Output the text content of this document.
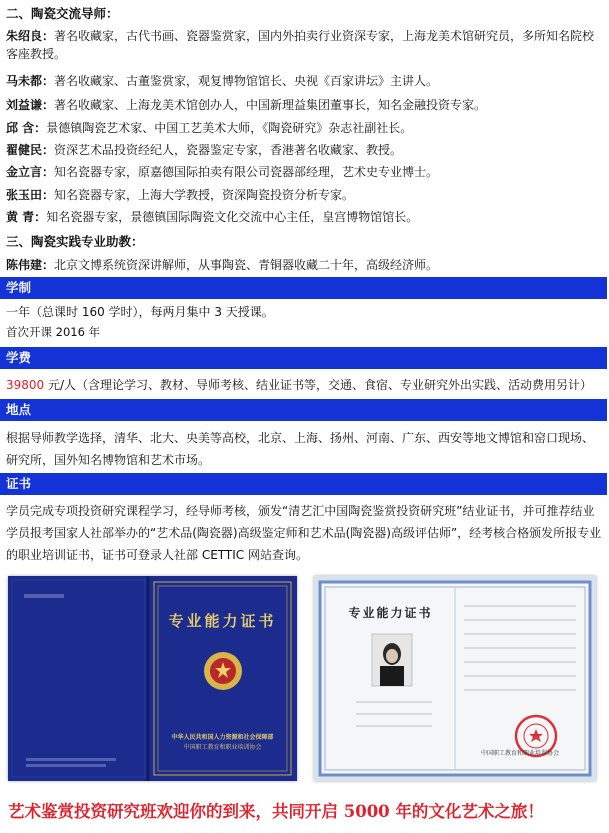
二、陶瓷交流导师：
朱绍良：著名收藏家，古代书画、瓷器鉴赏家，国内外拍卖行业资深专家，上海龙美术馆研究员，多所知名院校客座教授。
马未都：著名收藏家、古董鉴赏家，观复博物馆馆长、央视《百家讲坛》主讲人。
刘益谦：著名收藏家、上海龙美术馆创办人，中国新理益集团董事长，知名金融投资专家。
邱 含：景德镇陶瓷艺术家、中国工艺美术大师，《陶瓷研究》杂志社副社长。
翟健民：资深艺术品投资经纪人，瓷器鉴定专家，香港著名收藏家、教授。
金立言：知名瓷器专家，原嘉德国际拍卖有限公司瓷器部经理，艺术史专业博士。
张玉田：知名瓷器专家，上海大学教授，资深陶瓷投资分析专家。
黄 青：知名瓷器专家，景德镇国际陶瓷文化交流中心主任，皇宫博物馆馆长。
三、陶瓷实践专业助教：
陈伟建：北京文博系统资深讲解师，从事陶瓷、青铜器收藏二十年，高级经济师。
学制
一年（总课时 160 学时），每两月集中 3 天授课。
首次开课 2016 年
学费
39800 元/人（含理论学习、教材、导师考核、结业证书等，交通、食宿、专业研究外出实践、活动费用另计）
地点
根据导师教学选择，清华、北大、央美等高校，北京、上海、扬州、河南、广东、西安等地文博馆和窑口现场、研究所，国外知名博物馆和艺术市场。
证书
学员完成专项投资研究课程学习，经导师考核，颁发“清艺汇中国陶瓷鉴赏投资研究班”结业证书，并可推荐结业学员报考国家人社部举办的“艺术品(陶瓷器)高级鉴定师和艺术品(陶瓷器)高级评估师”，经考核合格颁发所报专业的职业培训证书，证书可登录人社部 CETTIC 网站查询。
专业能力证书
中华人民共和国人力资源和社会保障部
中国职工教育和职业培训协会
专业能力证书
中国职工教育和职业培训协会
艺术鉴赏投资研究班欢迎你的到来，共同开启 5000 年的文化艺术之旅！
